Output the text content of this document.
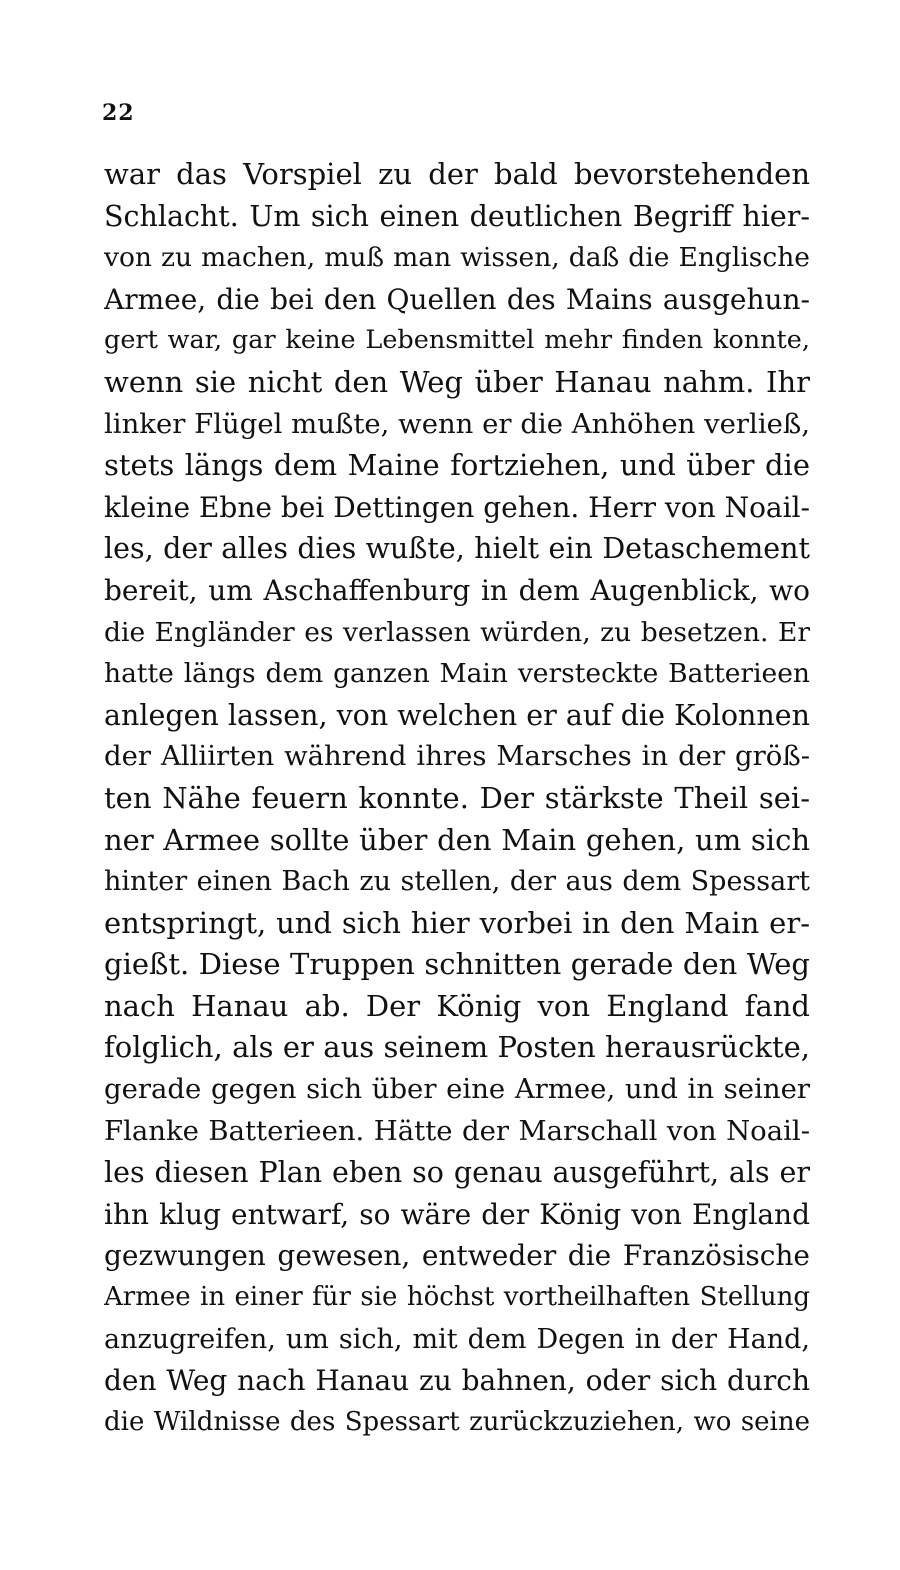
22
war das Vorspiel zu der bald bevorstehenden
Schlacht. Um sich einen deutlichen Begriff hier-
von zu machen, muß man wissen, daß die Englische
Armee, die bei den Quellen des Mains ausgehun-
gert war, gar keine Lebensmittel mehr finden konnte,
wenn sie nicht den Weg über Hanau nahm. Ihr
linker Flügel mußte, wenn er die Anhöhen verließ,
stets längs dem Maine fortziehen, und über die
kleine Ebne bei Dettingen gehen. Herr von Noail-
les, der alles dies wußte, hielt ein Detaschement
bereit, um Aschaffenburg in dem Augenblick, wo
die Engländer es verlassen würden, zu besetzen. Er
hatte längs dem ganzen Main versteckte Batterieen
anlegen lassen, von welchen er auf die Kolonnen
der Alliirten während ihres Marsches in der größ-
ten Nähe feuern konnte. Der stärkste Theil sei-
ner Armee sollte über den Main gehen, um sich
hinter einen Bach zu stellen, der aus dem Spessart
entspringt, und sich hier vorbei in den Main er-
gießt. Diese Truppen schnitten gerade den Weg
nach Hanau ab. Der König von England fand
folglich, als er aus seinem Posten herausrückte,
gerade gegen sich über eine Armee, und in seiner
Flanke Batterieen. Hätte der Marschall von Noail-
les diesen Plan eben so genau ausgeführt, als er
ihn klug entwarf, so wäre der König von England
gezwungen gewesen, entweder die Französische
Armee in einer für sie höchst vortheilhaften Stellung
anzugreifen, um sich, mit dem Degen in der Hand,
den Weg nach Hanau zu bahnen, oder sich durch
die Wildnisse des Spessart zurückzuziehen, wo seine
